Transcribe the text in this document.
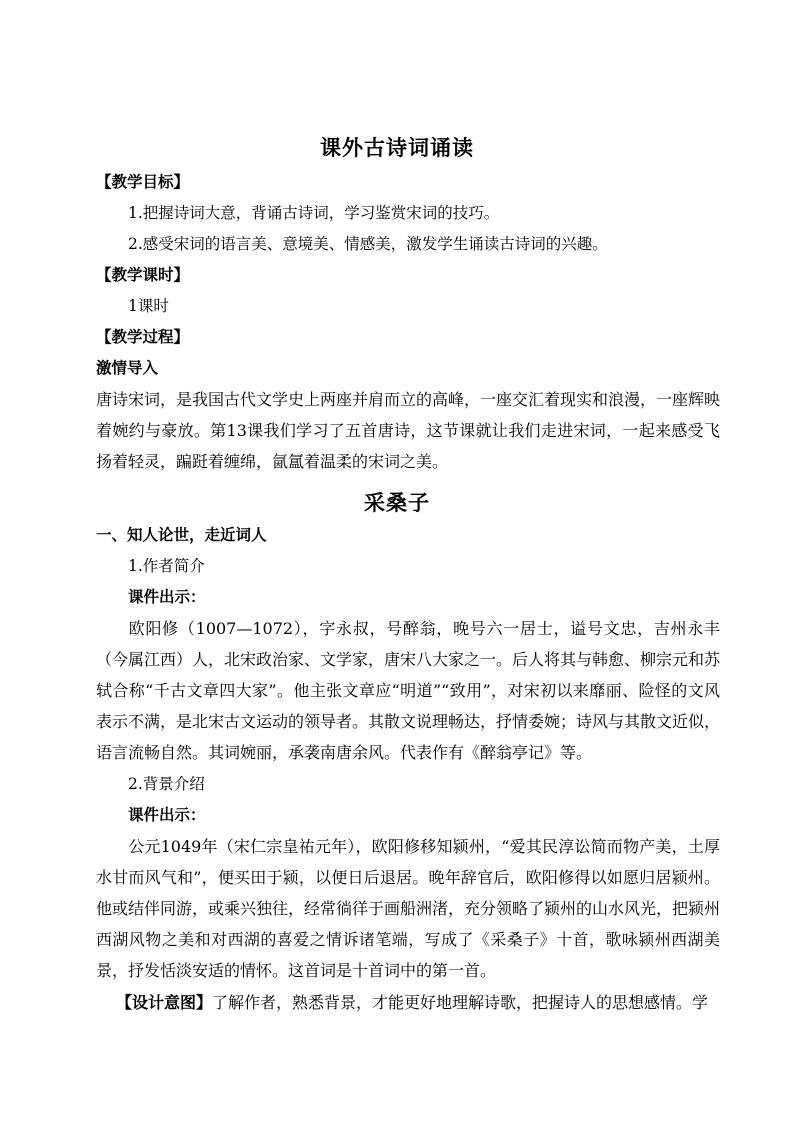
课外古诗词诵读
【教学目标】
1.把握诗词大意，背诵古诗词，学习鉴赏宋词的技巧。
2.感受宋词的语言美、意境美、情感美，激发学生诵读古诗词的兴趣。
【教学课时】
1课时
【教学过程】
激情导入
唐诗宋词，是我国古代文学史上两座并肩而立的高峰，一座交汇着现实和浪漫，一座辉映着婉约与豪放。第13课我们学习了五首唐诗，这节课就让我们走进宋词，一起来感受飞扬着轻灵，蹁跹着缠绵，氤氲着温柔的宋词之美。
采桑子
一、知人论世，走近词人
1.作者简介
课件出示：
欧阳修（1007—1072），字永叔，号醉翁，晚号六一居士，谥号文忠，吉州永丰（今属江西）人，北宋政治家、文学家，唐宋八大家之一。后人将其与韩愈、柳宗元和苏轼合称“千古文章四大家”。他主张文章应“明道”“致用”，对宋初以来靡丽、险怪的文风表示不满，是北宋古文运动的领导者。其散文说理畅达，抒情委婉；诗风与其散文近似，语言流畅自然。其词婉丽，承袭南唐余风。代表作有《醉翁亭记》等。
2.背景介绍
课件出示：
公元1049年（宋仁宗皇祐元年），欧阳修移知颍州，“爱其民淳讼简而物产美，土厚水甘而风气和”，便买田于颍，以便日后退居。晚年辞官后，欧阳修得以如愿归居颍州。他或结伴同游，或乘兴独往，经常徜徉于画船洲渚，充分领略了颍州的山水风光，把颍州西湖风物之美和对西湖的喜爱之情诉诸笔端，写成了《采桑子》十首，歌咏颍州西湖美景，抒发恬淡安适的情怀。这首词是十首词中的第一首。
【设计意图】了解作者，熟悉背景，才能更好地理解诗歌，把握诗人的思想感情。学
